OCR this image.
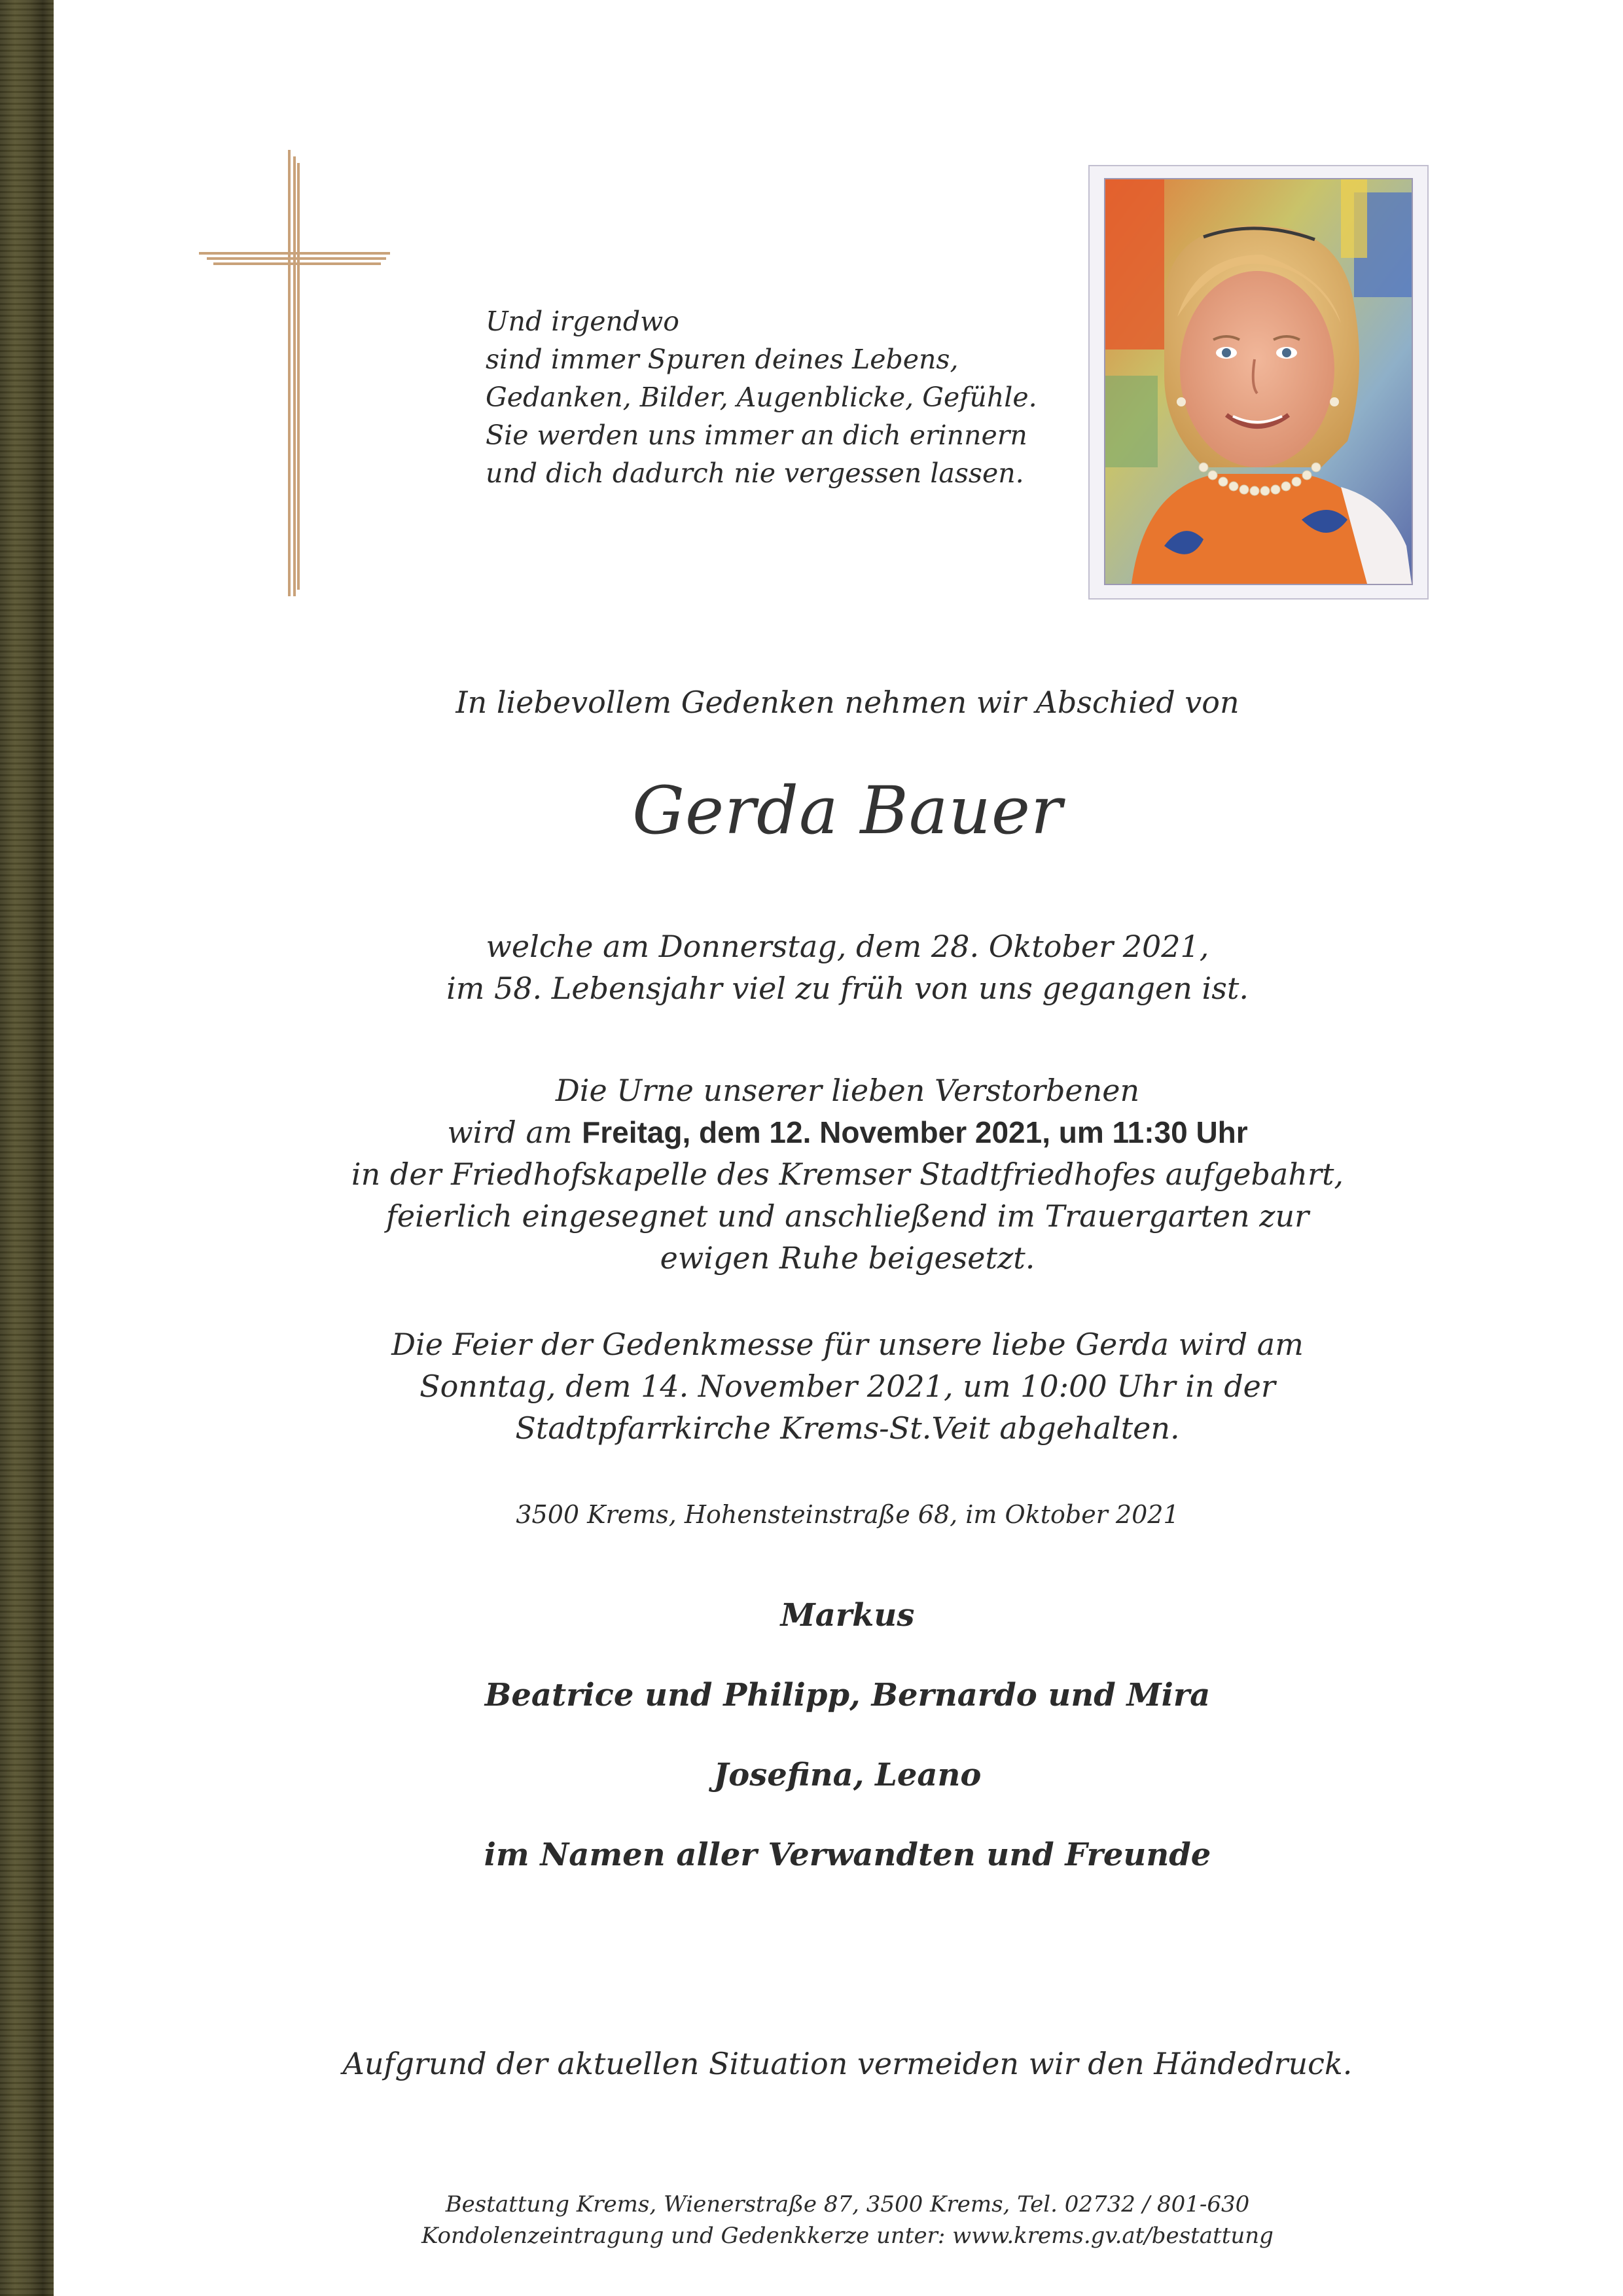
Und irgendwo
sind immer Spuren deines Lebens,
Gedanken, Bilder, Augenblicke, Gefühle.
Sie werden uns immer an dich erinnern
und dich dadurch nie vergessen lassen.
In liebevollem Gedenken nehmen wir Abschied von
Gerda Bauer
welche am Donnerstag, dem 28. Oktober 2021,
im 58. Lebensjahr viel zu früh von uns gegangen ist.
Die Urne unserer lieben Verstorbenen
wird am Freitag, dem 12. November 2021, um 11:30 Uhr
in der Friedhofskapelle des Kremser Stadtfriedhofes aufgebahrt,
feierlich eingesegnet und anschließend im Trauergarten zur
ewigen Ruhe beigesetzt.
Die Feier der Gedenkmesse für unsere liebe Gerda wird am
Sonntag, dem 14. November 2021, um 10:00 Uhr in der
Stadtpfarrkirche Krems-St.Veit abgehalten.
3500 Krems, Hohensteinstraße 68, im Oktober 2021
Markus
Beatrice und Philipp, Bernardo und Mira
Josefina, Leano
im Namen aller Verwandten und Freunde
Aufgrund der aktuellen Situation vermeiden wir den Händedruck.
Bestattung Krems, Wienerstraße 87, 3500 Krems, Tel. 02732 / 801-630
Kondolenzeintragung und Gedenkkerze unter: www.krems.gv.at/bestattung
